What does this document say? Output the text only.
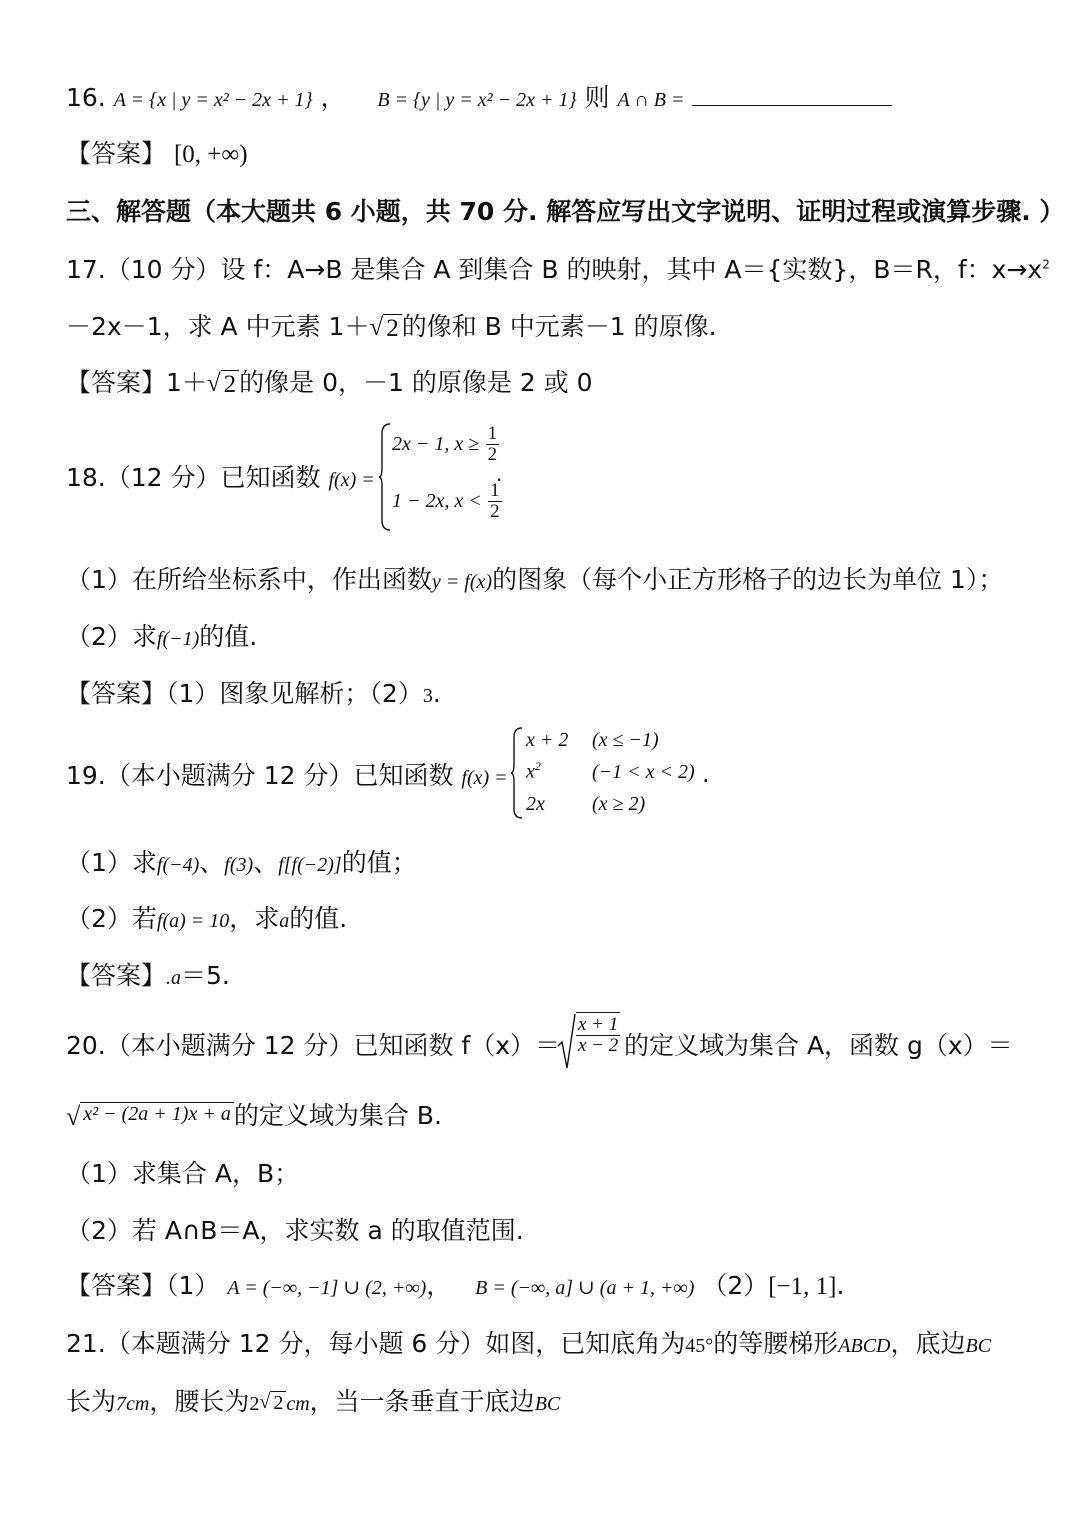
16. A = {x | y = x² − 2x + 1} ， B = {y | y = x² − 2x + 1} 则 A ∩ B =
【答案】 [0, +∞)
三、解答题（本大题共 6 小题，共 70 分. 解答应写出文字说明、证明过程或演算步骤. ）
17.（10 分）设 f：A→B 是集合 A 到集合 B 的映射，其中 A＝{实数}，B＝R，f：$x\to x^2$
－2x－1，求 A 中元素 1＋ √ 2 的像和 B 中元素－1 的原像.
【答案】1＋ √ 2 的像是 0，－1 的原像是 2 或 0
18.（12 分）已知函数 f(x) =
2x − 1, $x \ge \frac{1}{2}$
1 − 2x, $x < \frac{1}{2}$
.
（1）在所给坐标系中，作出函数y = f(x)的图象（每个小正方形格子的边长为单位 1）；
（2）求f(−1)的值.
【答案】（1）图象见解析；（2）3.
19.（本小题满分 12 分）已知函数 f(x) =
x + 2 (x ≤ −1)
$x^2$	(−1 < x < 2)
2x (x ≥ 2)
.
（1）求f(−4)、f(3)、f[f(−2)]的值；
（2）若f(a) = 10，求a的值.
【答案】.a＝5.
20.（本小题满分 12 分）已知函数 $f(x)= \frac{x + 1}{x - 2}$ 的定义域为集合 A，函数 g（x）＝
√ x² − (2a + 1)x + a 的定义域为集合 B.
（1）求集合 A，B；
（2）若 A∩B＝A，求实数 a 的取值范围.
【答案】（1） A = (−∞, −1] ∪ (2, +∞)， B = (−∞, a] ∪ (a + 1, +∞) （2）[−1, 1].
21.（本题满分 12 分，每小题 6 分）如图，已知底角为45°的等腰梯形ABCD，底边BC
长为7cm，腰长为2 √ 2 cm，当一条垂直于底边BC
